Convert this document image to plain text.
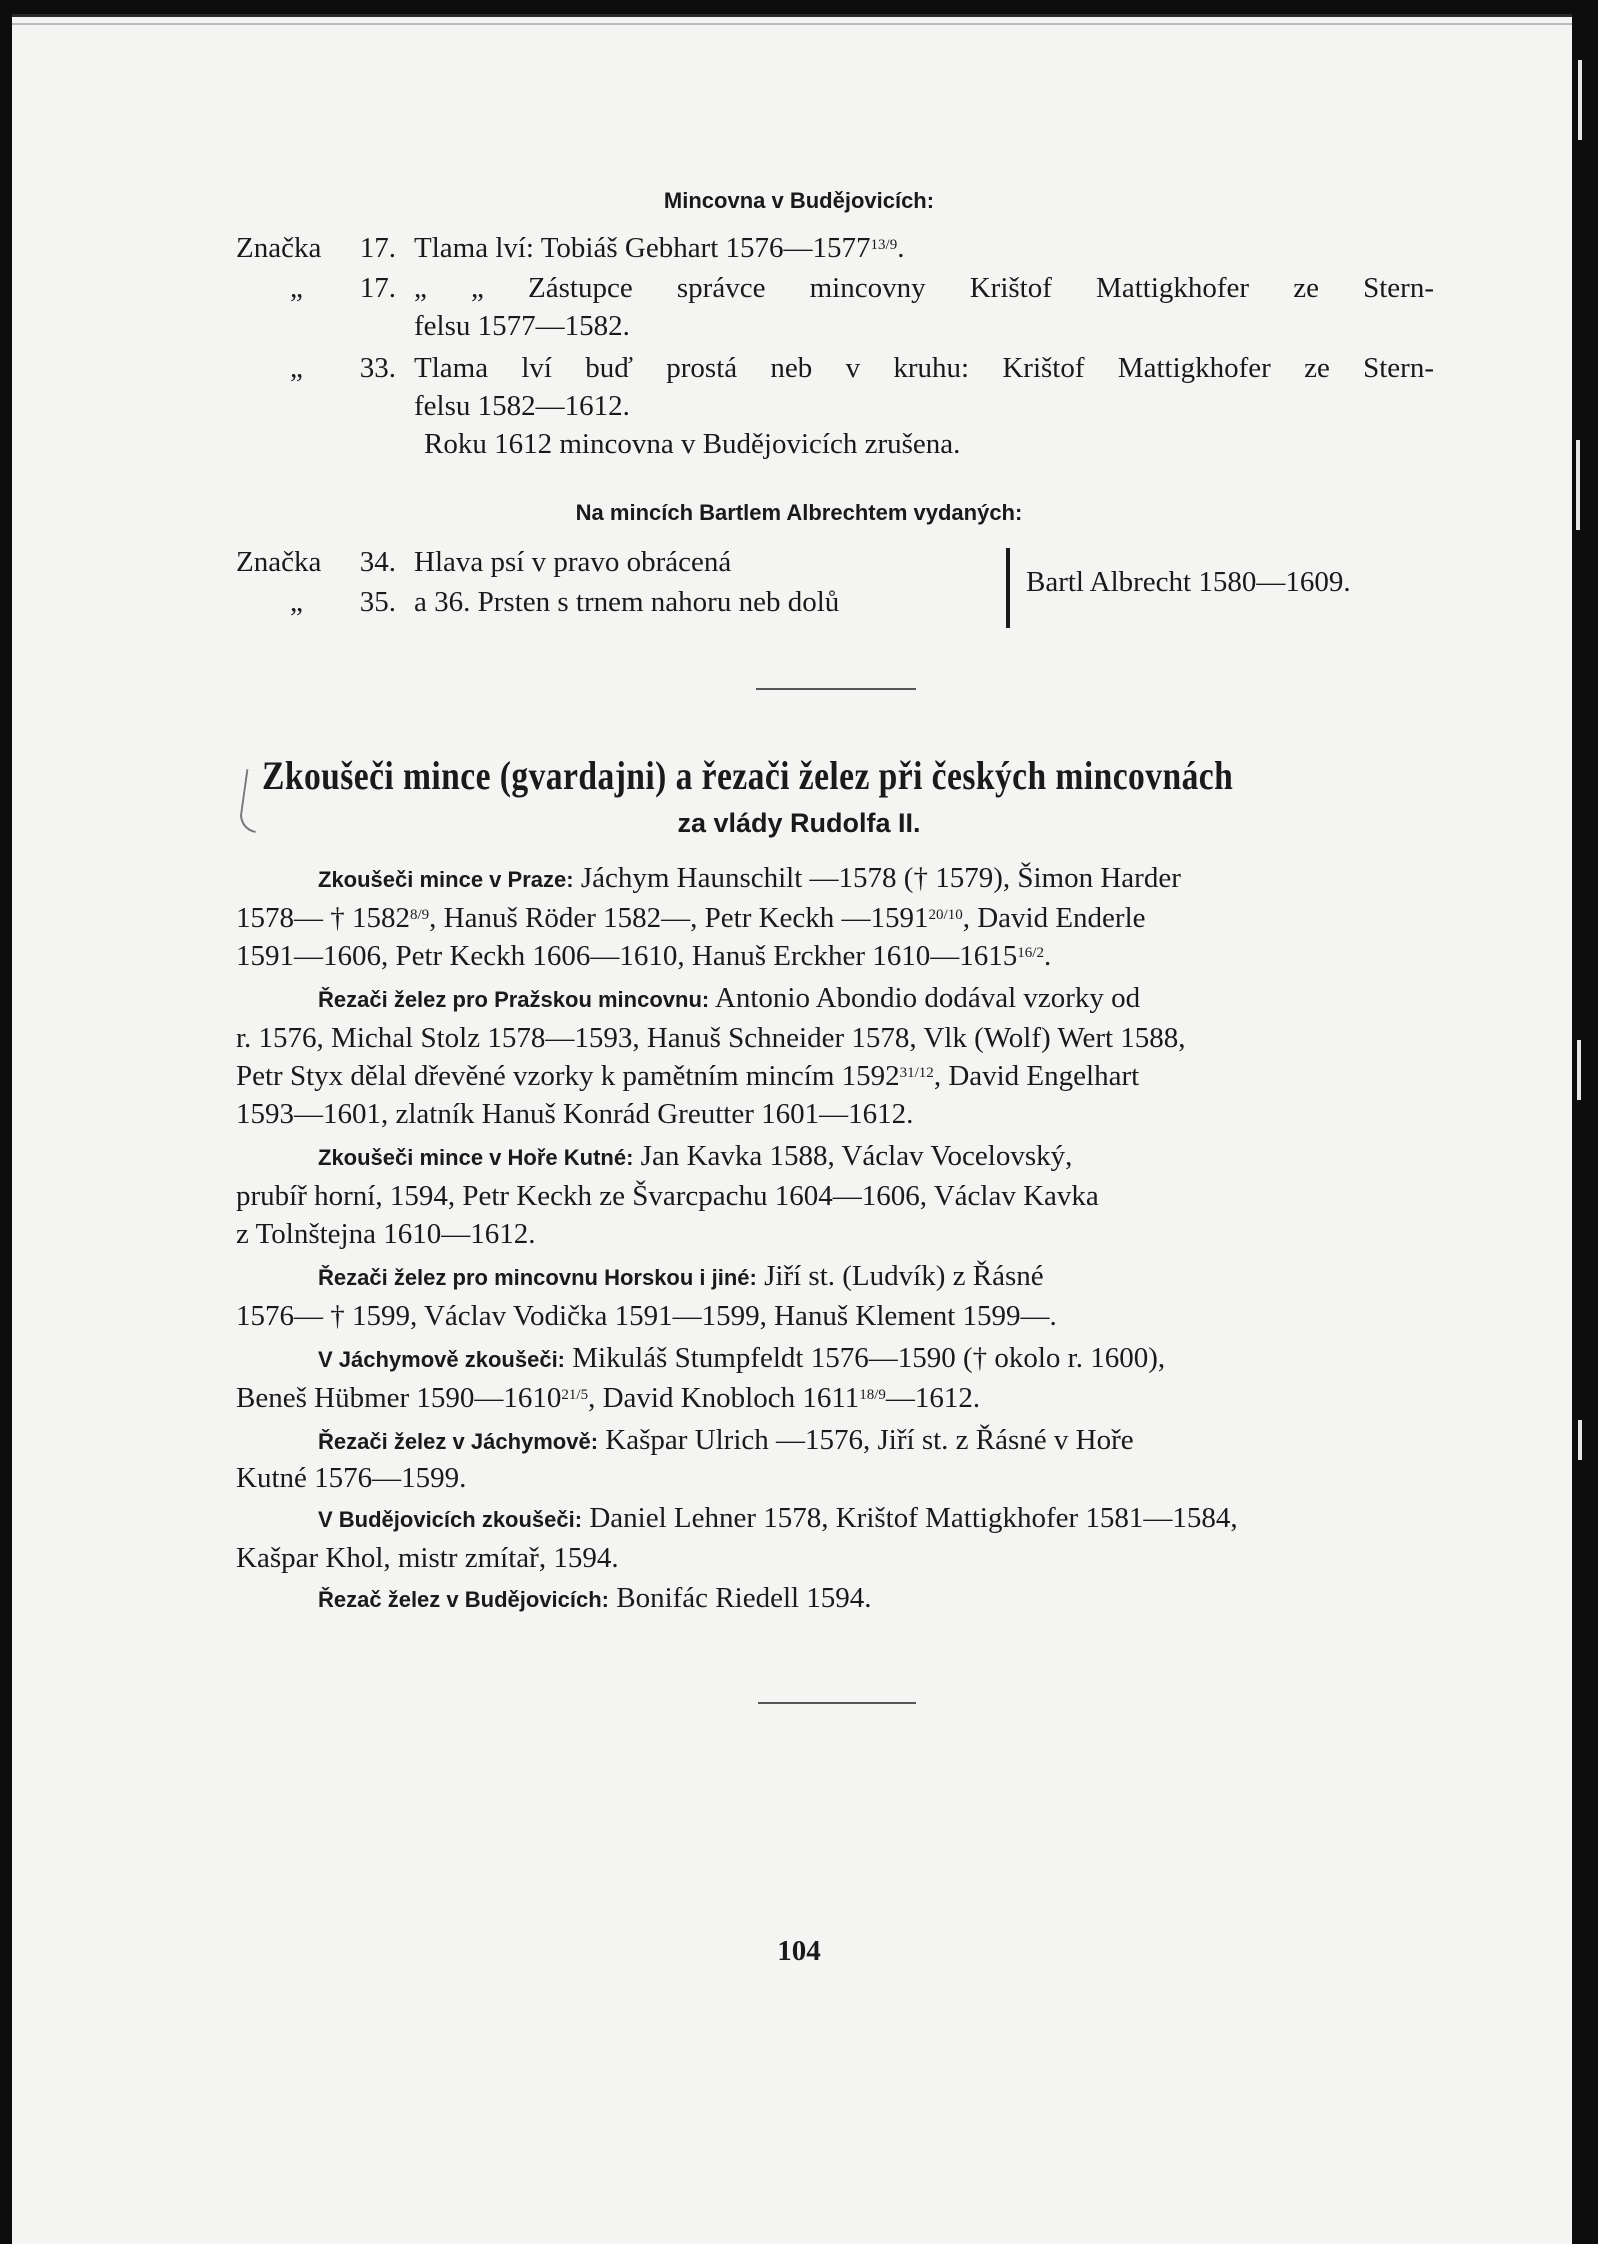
Mincovna v Budějovicích:
Značka	17. Tlama lví: Tobiáš Gebhart $1576—1577^{13/9}$.
„	17. „ „ Zástupce správce mincovny Krištof Mattigkhofer ze Stern-
felsu 1577—1582.
„	33. Tlama lví buď prostá neb v kruhu: Krištof Mattigkhofer ze Stern-
felsu 1582—1612.
Roku 1612 mincovna v Budějovicích zrušena.
Na mincích Bartlem Albrechtem vydaných:
Značka	34. Hlava psí v pravo obrácená
„	35. a 36. Prsten s trnem nahoru neb dolů
Bartl Albrecht 1580—1609.
Zkoušeči mince (gvardajni) a řezači želez při českých mincovnách
za vlády Rudolfa II.
Zkoušeči mince v Praze: Jáchym Haunschilt —1578 († 1579), Šimon Harder
1578— † $1582^{8/9}$, Hanuš Röder 1582—, Petr Keckh $—1591^{20/10}$, David Enderle
1591—1606, Petr Keckh 1606—1610, Hanuš Erckher $1610—1615^{16/2}$.
Řezači želez pro Pražskou mincovnu: Antonio Abondio dodával vzorky od
r. 1576, Michal Stolz 1578—1593, Hanuš Schneider 1578, Vlk (Wolf) Wert 1588,
Petr Styx dělal dřevěné vzorky k pamětním mincím $1592^{31/12}$, David Engelhart
1593—1601, zlatník Hanuš Konrád Greutter 1601—1612.
Zkoušeči mince v Hoře Kutné: Jan Kavka 1588, Václav Vocelovský,
prubíř horní, 1594, Petr Keckh ze Švarcpachu 1604—1606, Václav Kavka
z Tolnštejna 1610—1612.
Řezači želez pro mincovnu Horskou i jiné: Jiří st. (Ludvík) z Řásné
1576— † 1599, Václav Vodička 1591—1599, Hanuš Klement 1599—.
V Jáchymově zkoušeči: Mikuláš Stumpfeldt 1576—1590 († okolo r. 1600),
Beneš Hübmer $1590—1610^{21/5}$, David Knobloch $1611^{18/9}—1612$.
Řezači želez v Jáchymově: Kašpar Ulrich —1576, Jiří st. z Řásné v Hoře
Kutné 1576—1599.
V Budějovicích zkoušeči: Daniel Lehner 1578, Krištof Mattigkhofer 1581—1584,
Kašpar Khol, mistr zmítař, 1594.
Řezač želez v Budějovicích: Bonifác Riedell 1594.
104
